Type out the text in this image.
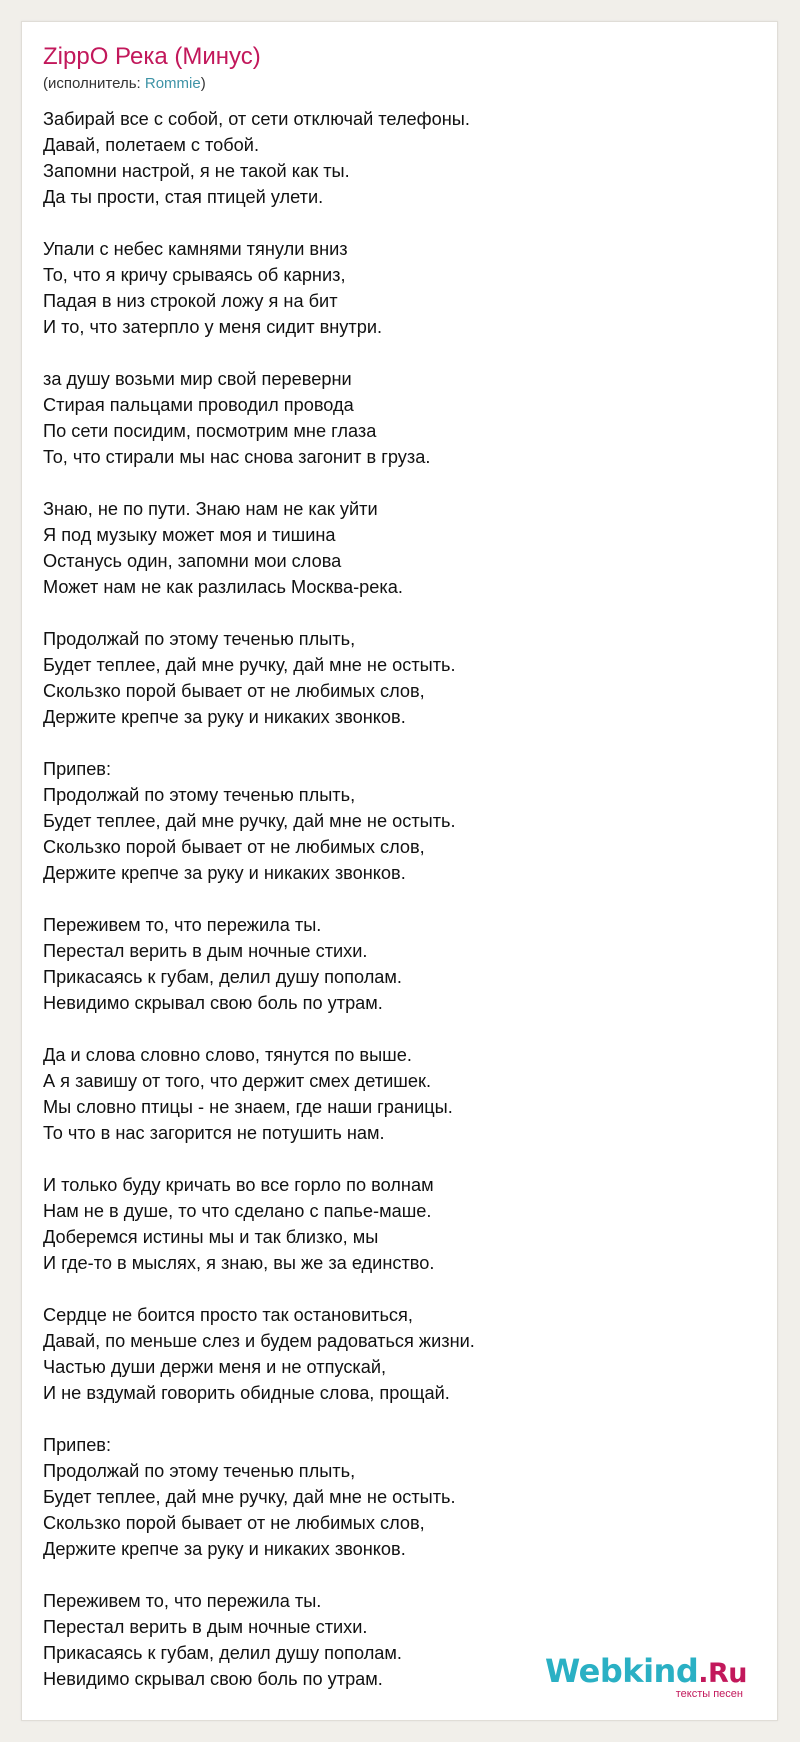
ZippO Река (Минус)
(исполнитель: Rommie)
Забирай все с собой, от сети отключай телефоны.
Давай, полетаем с тобой.
Запомни настрой, я не такой как ты.
Да ты прости, стая птицей улети.
Упали с небес камнями тянули вниз
То, что я кричу срываясь об карниз,
Падая в низ строкой ложу я на бит
И то, что затерпло у меня сидит внутри.
за душу возьми мир свой переверни
Стирая пальцами проводил провода
По сети посидим, посмотрим мне глаза
То, что стирали мы нас снова загонит в груза.
Знаю, не по пути. Знаю нам не как уйти
Я под музыку может моя и тишина
Останусь один, запомни мои слова
Может нам не как разлилась Москва-река.
Продолжай по этому теченью плыть,
Будет теплее, дай мне ручку, дай мне не остыть.
Скользко порой бывает от не любимых слов,
Держите крепче за руку и никаких звонков.
Припев:
Продолжай по этому теченью плыть,
Будет теплее, дай мне ручку, дай мне не остыть.
Скользко порой бывает от не любимых слов,
Держите крепче за руку и никаких звонков.
Переживем то, что пережила ты.
Перестал верить в дым ночные стихи.
Прикасаясь к губам, делил душу пополам.
Невидимо скрывал свою боль по утрам.
Да и слова словно слово, тянутся по выше.
А я завишу от того, что держит смех детишек.
Мы словно птицы - не знаем, где наши границы.
То что в нас загорится не потушить нам.
И только буду кричать во все горло по волнам
Нам не в душе, то что сделано с папье-маше.
Доберемся истины мы и так близко, мы
И где-то в мыслях, я знаю, вы же за единство.
Сердце не боится просто так остановиться,
Давай, по меньше слез и будем радоваться жизни.
Частью души держи меня и не отпускай,
И не вздумай говорить обидные слова, прощай.
Припев:
Продолжай по этому теченью плыть,
Будет теплее, дай мне ручку, дай мне не остыть.
Скользко порой бывает от не любимых слов,
Держите крепче за руку и никаких звонков.
Переживем то, что пережила ты.
Перестал верить в дым ночные стихи.
Прикасаясь к губам, делил душу пополам.
Невидимо скрывал свою боль по утрам.	Webkind.Ru
тексты песен
